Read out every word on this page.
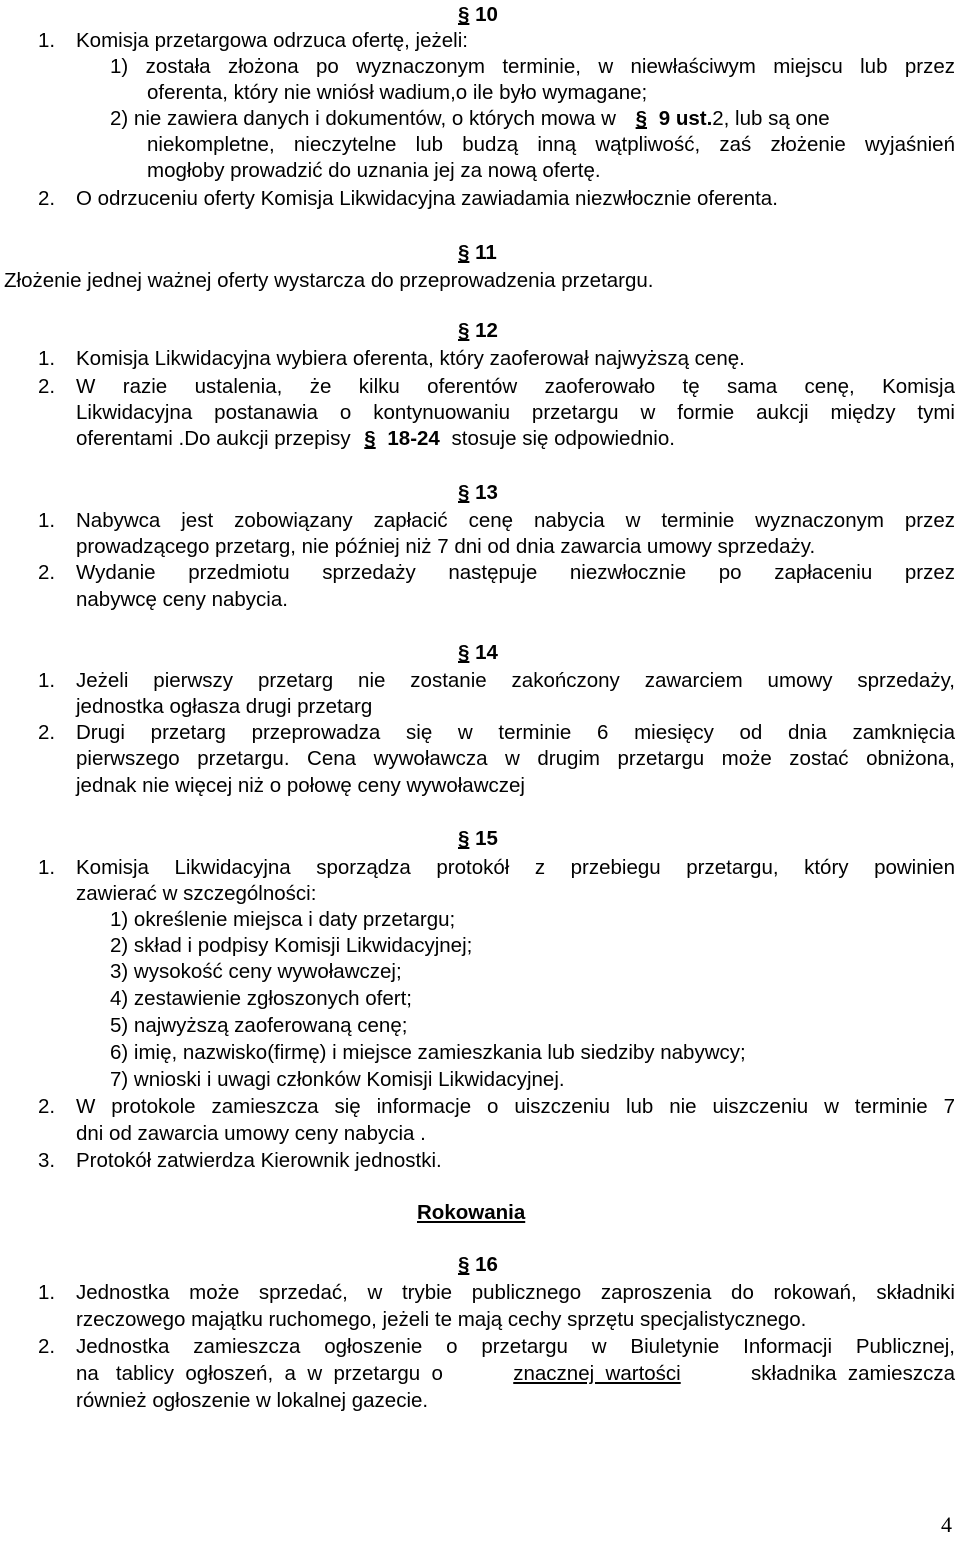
§ 10
1. Komisja przetargowa odrzuca ofertę, jeżeli:
1) została złożona po wyznaczonym terminie, w niewłaściwym miejscu lub przez
oferenta, który nie wniósł wadium,o ile było wymagane;
2) nie zawiera danych i dokumentów, o których mowa w § 9 ust.2, lub są one
niekompletne, nieczytelne lub budzą inną wątpliwość, zaś złożenie wyjaśnień
mogłoby prowadzić do uznania jej za nową ofertę.
2. O odrzuceniu oferty Komisja Likwidacyjna zawiadamia niezwłocznie oferenta.
§ 11
Złożenie jednej ważnej oferty wystarcza do przeprowadzenia przetargu.
§ 12
1. Komisja Likwidacyjna wybiera oferenta, który zaoferował najwyższą cenę.
2. W razie ustalenia, że kilku oferentów zaoferowało tę sama cenę, Komisja
Likwidacyjna postanawia o kontynuowaniu przetargu w formie aukcji między tymi
oferentami .Do aukcji przepisy § 18-24 stosuje się odpowiednio.
§ 13
1. Nabywca jest zobowiązany zapłacić cenę nabycia w terminie wyznaczonym przez
prowadzącego przetarg, nie później niż 7 dni od dnia zawarcia umowy sprzedaży.
2. Wydanie przedmiotu sprzedaży następuje niezwłocznie po zapłaceniu przez
nabywcę ceny nabycia.
§ 14
1. Jeżeli pierwszy przetarg nie zostanie zakończony zawarciem umowy sprzedaży,
jednostka ogłasza drugi przetarg
2. Drugi przetarg przeprowadza się w terminie 6 miesięcy od dnia zamknięcia
pierwszego przetargu. Cena wywoławcza w drugim przetargu może zostać obniżona,
jednak nie więcej niż o połowę ceny wywoławczej
§ 15
1. Komisja Likwidacyjna sporządza protokół z przebiegu przetargu, który powinien
zawierać w szczególności:
1) określenie miejsca i daty przetargu;
2) skład i podpisy Komisji Likwidacyjnej;
3) wysokość ceny wywoławczej;
4) zestawienie zgłoszonych ofert;
5) najwyższą zaoferowaną cenę;
6) imię, nazwisko(firmę) i miejsce zamieszkania lub siedziby nabywcy;
7) wnioski i uwagi członków Komisji Likwidacyjnej.
2. W protokole zamieszcza się informacje o uiszczeniu lub nie uiszczeniu w terminie 7
dni od zawarcia umowy ceny nabycia .
3. Protokół zatwierdza Kierownik jednostki.
Rokowania
§ 16
1. Jednostka może sprzedać, w trybie publicznego zaproszenia do rokowań, składniki
rzeczowego majątku ruchomego, jeżeli te mają cechy sprzętu specjalistycznego.
2. Jednostka zamieszcza ogłoszenie o przetargu w Biuletynie Informacji Publicznej,
na   tablicy  ogłoszeń,  a  w  przetargu  o	znacznej  wartości	składnika  zamieszcza
również ogłoszenie w lokalnej gazecie.
4
